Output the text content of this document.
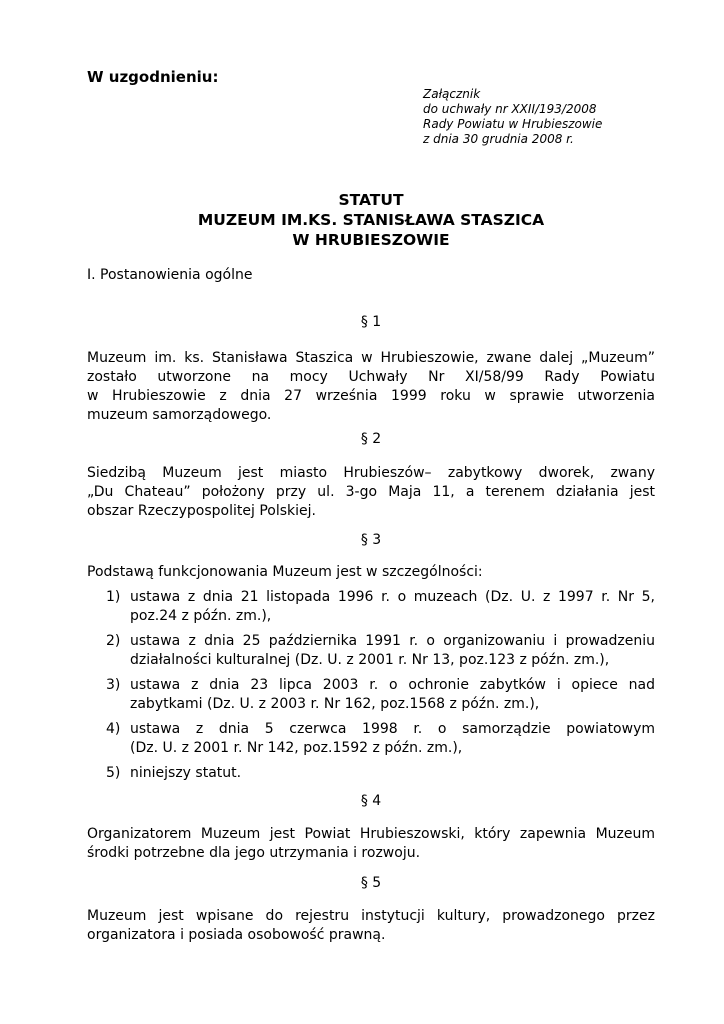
W uzgodnieniu:

Załącznik
do uchwały nr XXII/193/2008
Rady Powiatu w Hrubieszowie
z dnia 30 grudnia 2008 r.
STATUT
MUZEUM IM.KS. STANISŁAWA STASZICA
W HRUBIESZOWIE

I. Postanowienia ogólne

§ 1

Muzeum im. ks. Stanisława Staszica w Hrubieszowie, zwane dalej „Muzeum”
zostało utworzone na mocy Uchwały Nr XI/58/99 Rady Powiatu
w Hrubieszowie z dnia 27 września 1999 roku w sprawie utworzenia
muzeum samorządowego.

§ 2

Siedzibą Muzeum jest miasto Hrubieszów– zabytkowy dworek, zwany
„Du Chateau” położony przy ul. 3-go Maja 11, a terenem działania jest
obszar Rzeczypospolitej Polskiej.

§ 3

Podstawą funkcjonowania Muzeum jest w szczególności:

1) ustawa z dnia 21 listopada 1996 r. o muzeach (Dz. U. z 1997 r. Nr 5,
poz.24 z późn. zm.),
2) ustawa z dnia 25 października 1991 r. o organizowaniu i prowadzeniu
działalności kulturalnej (Dz. U. z 2001 r. Nr 13, poz.123 z późn. zm.),
3) ustawa z dnia 23 lipca 2003 r. o ochronie zabytków i opiece nad
zabytkami (Dz. U. z 2003 r. Nr 162, poz.1568 z późn. zm.),
4) ustawa z dnia 5 czerwca 1998 r. o samorządzie powiatowym
(Dz. U. z 2001 r. Nr 142, poz.1592 z późn. zm.),
5) niniejszy statut.
§ 4

Organizatorem Muzeum jest Powiat Hrubieszowski, który zapewnia Muzeum
środki potrzebne dla jego utrzymania i rozwoju.

§ 5

Muzeum jest wpisane do rejestru instytucji kultury, prowadzonego przez
organizatora i posiada osobowość prawną.
